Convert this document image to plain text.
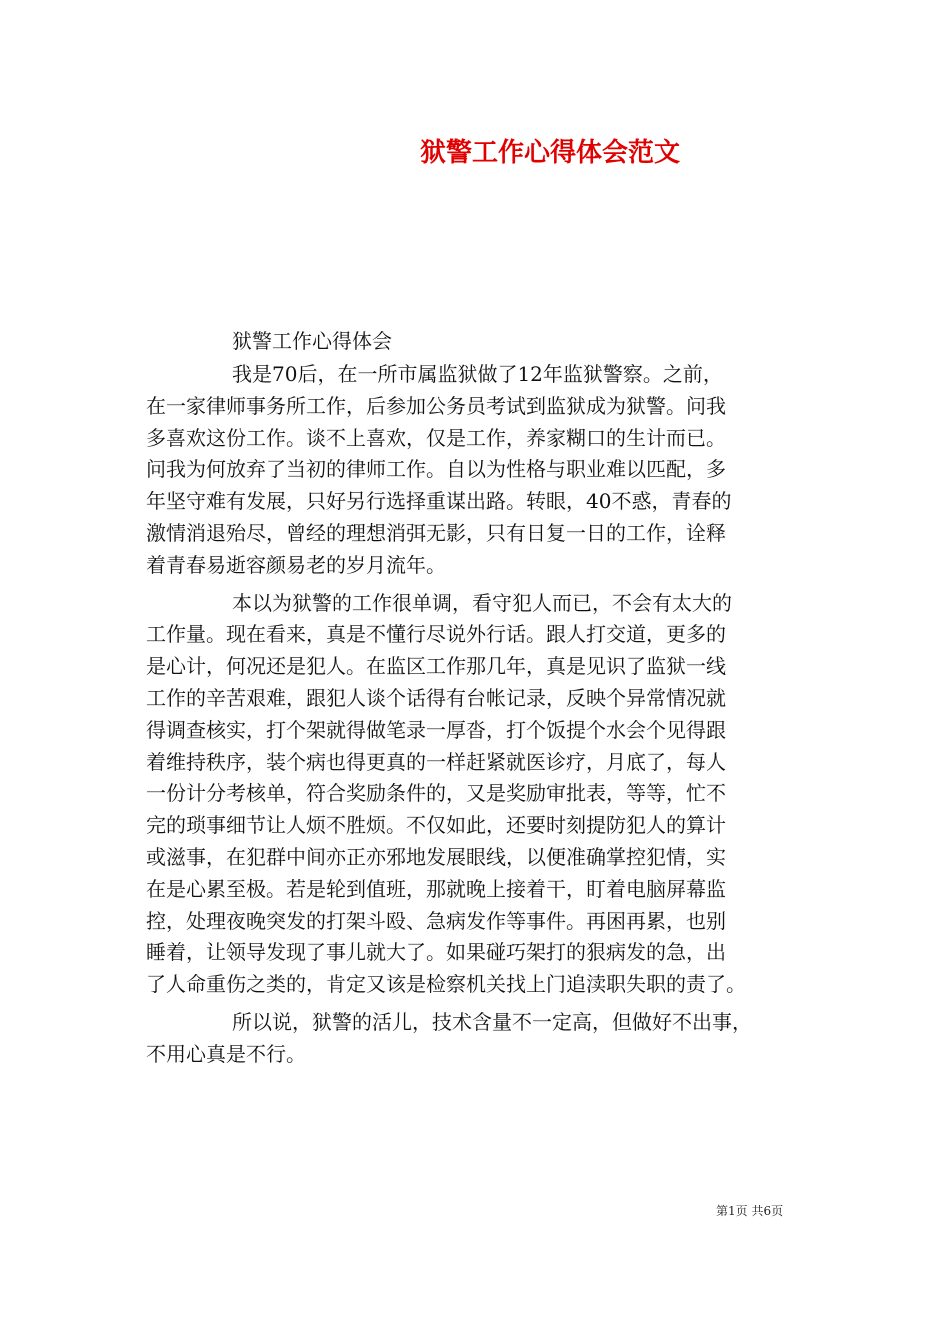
狱警工作心得体会范文
狱警工作心得体会
我是70后，在一所市属监狱做了12年监狱警察。之前，
在一家律师事务所工作，后参加公务员考试到监狱成为狱警。问我
多喜欢这份工作。谈不上喜欢，仅是工作，养家糊口的生计而已。
问我为何放弃了当初的律师工作。自以为性格与职业难以匹配，多
年坚守难有发展，只好另行选择重谋出路。转眼，40不惑，青春的
激情消退殆尽，曾经的理想消弭无影，只有日复一日的工作，诠释
着青春易逝容颜易老的岁月流年。
本以为狱警的工作很单调，看守犯人而已，不会有太大的
工作量。现在看来，真是不懂行尽说外行话。跟人打交道，更多的
是心计，何况还是犯人。在监区工作那几年，真是见识了监狱一线
工作的辛苦艰难，跟犯人谈个话得有台帐记录，反映个异常情况就
得调查核实，打个架就得做笔录一厚沓，打个饭提个水会个见得跟
着维持秩序，装个病也得更真的一样赶紧就医诊疗，月底了，每人
一份计分考核单，符合奖励条件的，又是奖励审批表，等等，忙不
完的琐事细节让人烦不胜烦。不仅如此，还要时刻提防犯人的算计
或滋事，在犯群中间亦正亦邪地发展眼线，以便准确掌控犯情，实
在是心累至极。若是轮到值班，那就晚上接着干，盯着电脑屏幕监
控，处理夜晚突发的打架斗殴、急病发作等事件。再困再累，也别
睡着，让领导发现了事儿就大了。如果碰巧架打的狠病发的急，出
了人命重伤之类的，肯定又该是检察机关找上门追渎职失职的责了。
所以说，狱警的活儿，技术含量不一定高，但做好不出事，
不用心真是不行。
第1页 共6页
